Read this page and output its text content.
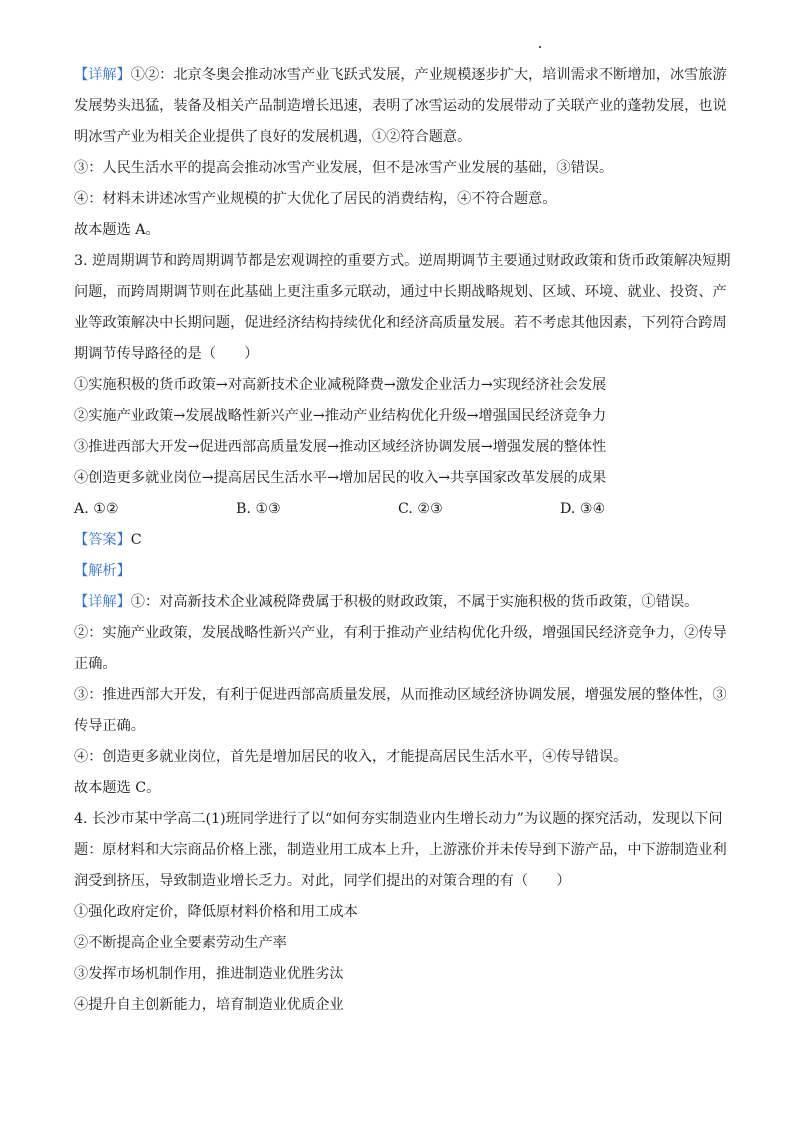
【详解】①②：北京冬奥会推动冰雪产业飞跃式发展，产业规模逐步扩大，培训需求不断增加，冰雪旅游
发展势头迅猛，装备及相关产品制造增长迅速，表明了冰雪运动的发展带动了关联产业的蓬勃发展，也说
明冰雪产业为相关企业提供了良好的发展机遇，①②符合题意。
③：人民生活水平的提高会推动冰雪产业发展，但不是冰雪产业发展的基础，③错误。
④：材料未讲述冰雪产业规模的扩大优化了居民的消费结构，④不符合题意。
故本题选 A。
3. 逆周期调节和跨周期调节都是宏观调控的重要方式。逆周期调节主要通过财政政策和货币政策解决短期
问题，而跨周期调节则在此基础上更注重多元联动，通过中长期战略规划、区域、环境、就业、投资、产
业等政策解决中长期问题，促进经济结构持续优化和经济高质量发展。若不考虑其他因素，下列符合跨周
期调节传导路径的是（　　）
①实施积极的货币政策→对高新技术企业减税降费→激发企业活力→实现经济社会发展
②实施产业政策→发展战略性新兴产业→推动产业结构优化升级→增强国民经济竞争力
③推进西部大开发→促进西部高质量发展→推动区域经济协调发展→增强发展的整体性
④创造更多就业岗位→提高居民生活水平→增加居民的收入→共享国家改革发展的成果
A. ①②	B. ①③	C. ②③	D. ③④
【答案】C
【解析】
【详解】①：对高新技术企业减税降费属于积极的财政政策，不属于实施积极的货币政策，①错误。
②：实施产业政策，发展战略性新兴产业，有利于推动产业结构优化升级，增强国民经济竞争力，②传导
正确。
③：推进西部大开发，有利于促进西部高质量发展，从而推动区域经济协调发展，增强发展的整体性，③
传导正确。
④：创造更多就业岗位，首先是增加居民的收入，才能提高居民生活水平，④传导错误。
故本题选 C。
4. 长沙市某中学高二(1)班同学进行了以“如何夯实制造业内生增长动力”为议题的探究活动，发现以下问
题：原材料和大宗商品价格上涨，制造业用工成本上升，上游涨价并未传导到下游产品，中下游制造业利
润受到挤压，导致制造业增长乏力。对此，同学们提出的对策合理的有（　　）
①强化政府定价，降低原材料价格和用工成本
②不断提高企业全要素劳动生产率
③发挥市场机制作用，推进制造业优胜劣汰
④提升自主创新能力，培育制造业优质企业
